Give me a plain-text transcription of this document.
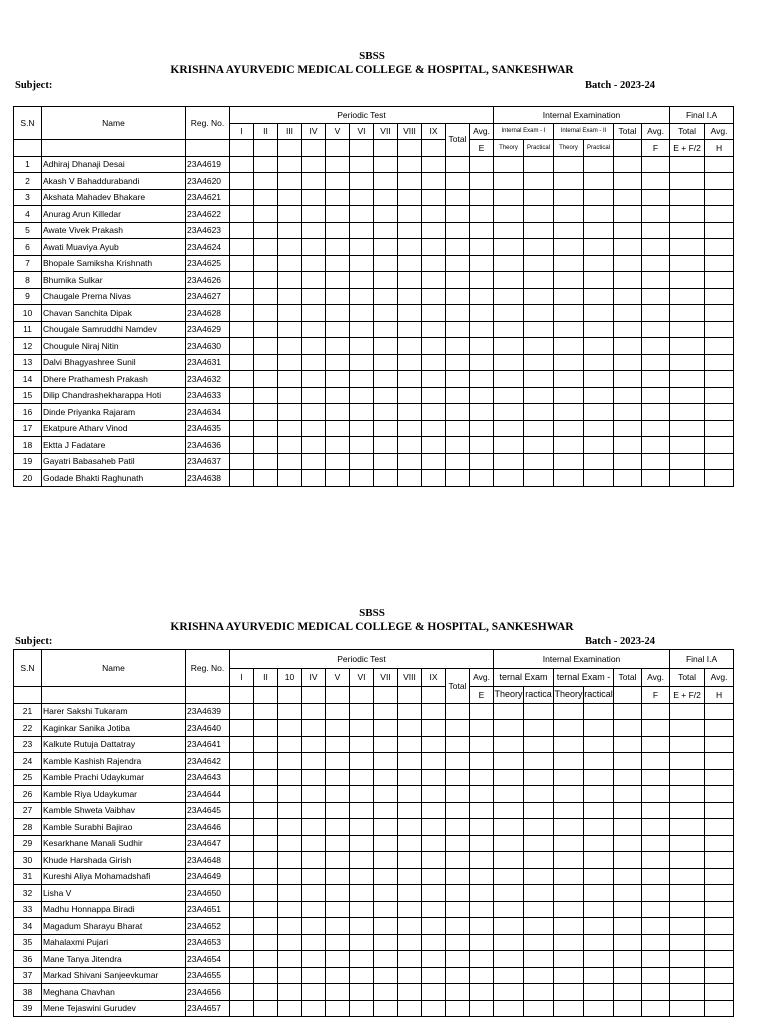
SBSS
KRISHNA AYURVEDIC MEDICAL COLLEGE & HOSPITAL, SANKESHWAR
Subject:	Batch - 2023-24
S.N	Name	Reg. No.	Periodic Test											Internal Examination						Final I.A	
			I	II	III	IV	V	VI	VII	VIII	IX	Total	Avg.	Internal Exam - I		Internal Exam - II		Total	Avg.	Total	Avg.
													E	Theory	Practical	Theory	Practical		F	E + F/2	H
1	Adhiraj Dhanaji Desai	23A4619																			
2	Akash V Bahaddurabandi	23A4620																			
3	Akshata Mahadev Bhakare	23A4621																			
4	Anurag Arun Killedar	23A4622																			
5	Awate Vivek Prakash	23A4623																			
6	Awati Muaviya Ayub	23A4624																			
7	Bhopale Samiksha Krishnath	23A4625																			
8	Bhumika Sulkar	23A4626																			
9	Chaugale Prerna Nivas	23A4627																			
10	Chavan Sanchita Dipak	23A4628																			
11	Chougale Samruddhi Namdev	23A4629																			
12	Chougule Niraj Nitin	23A4630																			
13	Dalvi Bhagyashree Sunil	23A4631																			
14	Dhere Prathamesh Prakash	23A4632																			
15	Dilip Chandrashekharappa Hoti	23A4633																			
16	Dinde Priyanka Rajaram	23A4634																			
17	Ekatpure Atharv Vinod	23A4635																			
18	Ektta J Fadatare	23A4636																			
19	Gayatri Babasaheb Patil	23A4637																			
20	Godade Bhakti Raghunath	23A4638																			
SBSS
KRISHNA AYURVEDIC MEDICAL COLLEGE & HOSPITAL, SANKESHWAR
Subject:	Batch - 2023-24
S.N	Name	Reg. No.	Periodic Test											Internal Examination						Final I.A	
			I	II	10	IV	V	VI	VII	VIII	IX	Total	Avg.	ternal Exam		ternal Exam -		Total	Avg.	Total	Avg.
													E	Theory	ractica	Theory	ractical		F	E + F/2	H
21	Harer Sakshi Tukaram	23A4639																			
22	Kaginkar Sanika Jotiba	23A4640																			
23	Kalkute Rutuja Dattatray	23A4641																			
24	Kamble Kashish Rajendra	23A4642																			
25	Kamble Prachi Udaykumar	23A4643																			
26	Kamble Riya Udaykumar	23A4644																			
27	Kamble Shweta Vaibhav	23A4645																			
28	Kamble Surabhi Bajirao	23A4646																			
29	Kesarkhane Manali Sudhir	23A4647																			
30	Khude Harshada Girish	23A4648																			
31	Kureshi Aliya Mohamadshafi	23A4649																			
32	Lisha V	23A4650																			
33	Madhu Honnappa Biradi	23A4651																			
34	Magadum Sharayu Bharat	23A4652																			
35	Mahalaxmi Pujari	23A4653																			
36	Mane Tanya Jitendra	23A4654																			
37	Markad Shivani Sanjeevkumar	23A4655																			
38	Meghana Chavhan	23A4656																			
39	Mene Tejaswini Gurudev	23A4657																			
